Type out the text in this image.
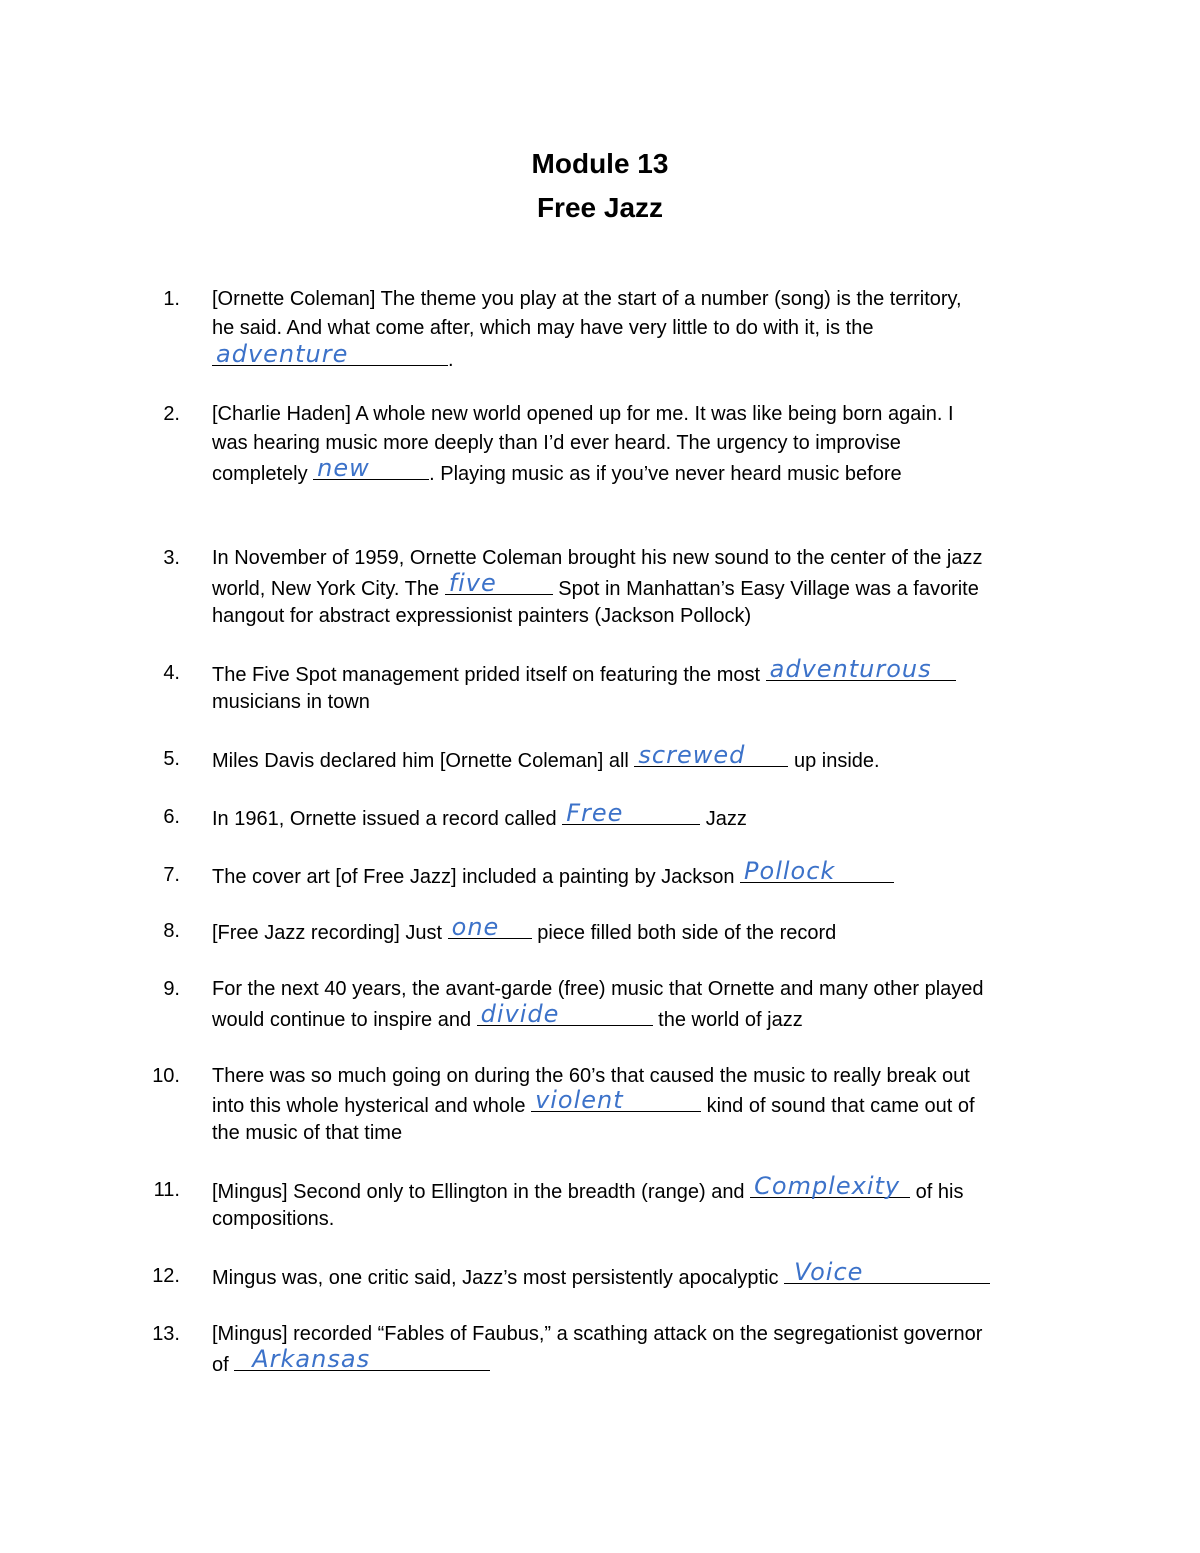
Module 13
Free Jazz
1. [Ornette Coleman] The theme you play at the start of a number (song) is the territory,
he said. And what come after, which may have very little to do with it, is the
adventure	.
2. [Charlie Haden] A whole new world opened up for me. It was like being born again. I
was hearing music more deeply than I’d ever heard. The urgency to improvise
completely new	. Playing music as if you’ve never heard music before
3. In November of 1959, Ornette Coleman brought his new sound to the center of the jazz
world, New York City. The five	Spot in Manhattan’s Easy Village was a favorite
hangout for abstract expressionist painters (Jackson Pollock)
4. The Five Spot management prided itself on featuring the most adventurous
musicians in town
5. Miles Davis declared him [Ornette Coleman] all screwed up inside.
6. In 1961, Ornette issued a record called Free	Jazz
7. The cover art [of Free Jazz] included a painting by Jackson Pollock
8. [Free Jazz recording] Just one piece filled both side of the record
9. For the next 40 years, the avant-garde (free) music that Ornette and many other played
would continue to inspire and divide	the world of jazz
10. There was so much going on during the 60’s that caused the music to really break out
into this whole hysterical and whole violent	kind of sound that came out of
the music of that time
11. [Mingus] Second only to Ellington in the breadth (range) and Complexity of his
compositions.
12. Mingus was, one critic said, Jazz’s most persistently apocalyptic Voice
13. [Mingus] recorded “Fables of Faubus,” a scathing attack on the segregationist governor
of Arkansas
